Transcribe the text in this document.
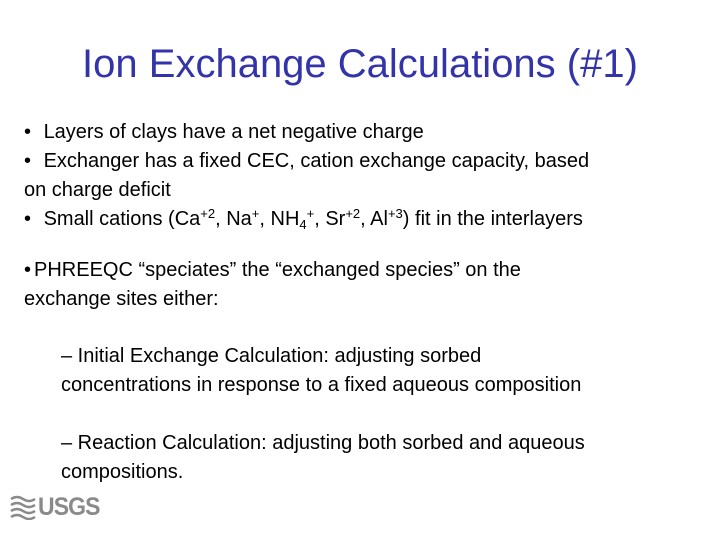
Ion Exchange Calculations (#1)
• Layers of clays have a net negative charge
• Exchanger has a fixed CEC, cation exchange capacity, based
on charge deficit
• Small cations ($Ca^{+2}$, Na+, $NH_4^+$, $Sr^{+2}$, $Al^{+3}$) fit in the interlayers
• PHREEQC “speciates” the “exchanged species” on the
exchange sites either:
– Initial Exchange Calculation: adjusting sorbed
concentrations in response to a fixed aqueous composition
– Reaction Calculation: adjusting both sorbed and aqueous
compositions.
USGS
